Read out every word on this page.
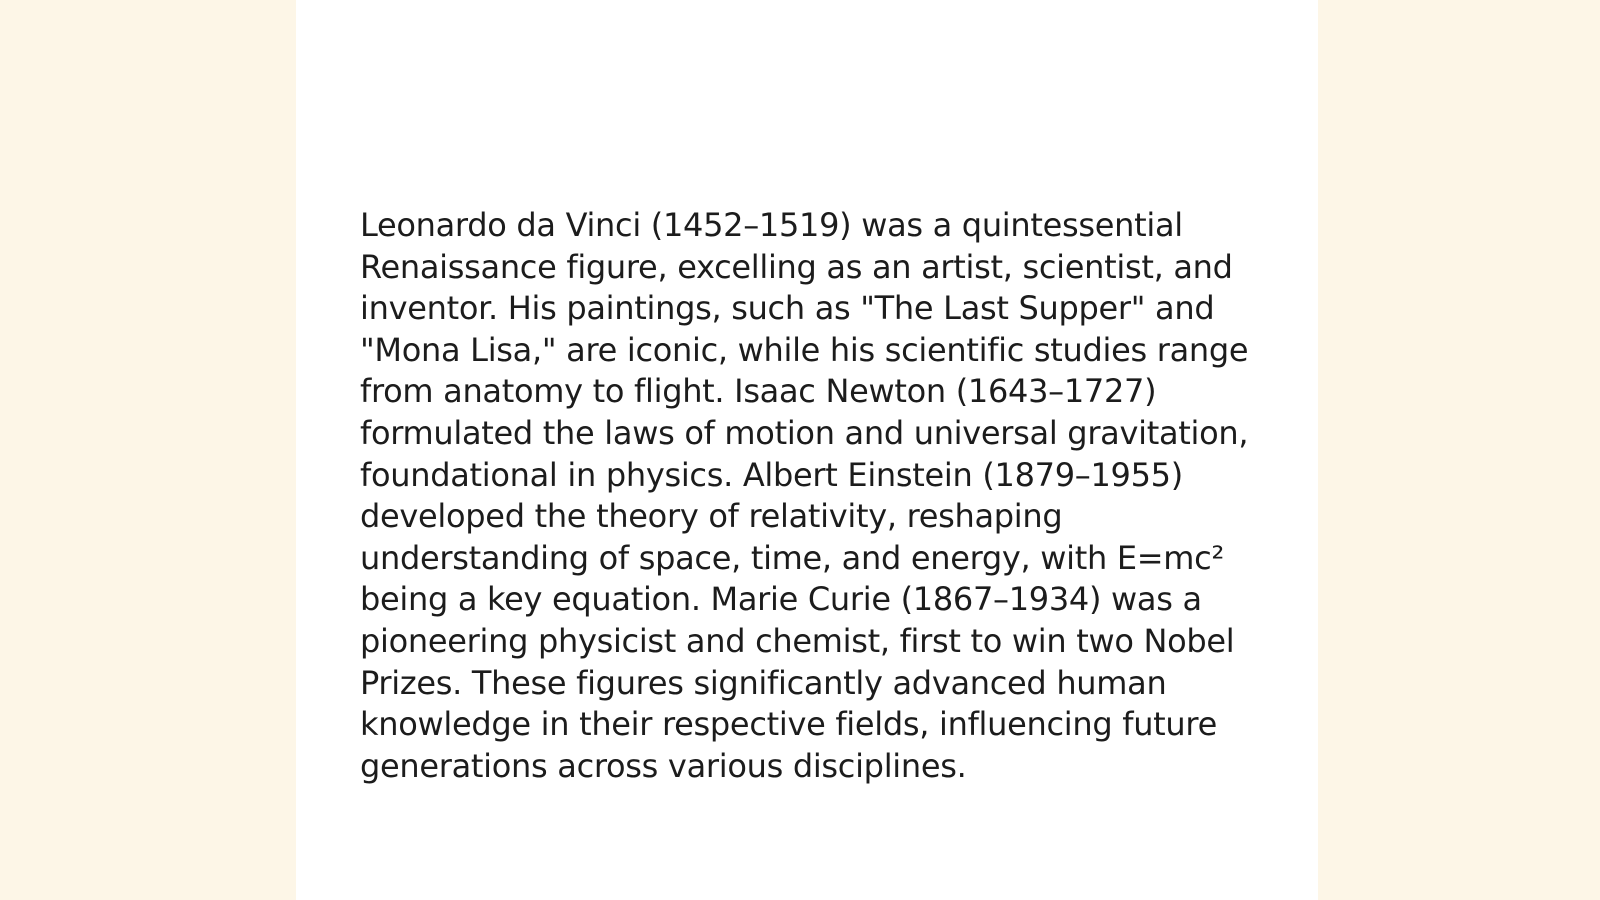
Leonardo da Vinci (1452–1519) was a quintessential Renaissance figure, excelling as an artist, scientist, and inventor. His paintings, such as "The Last Supper" and "Mona Lisa," are iconic, while his scientific studies range from anatomy to flight. Isaac Newton (1643–1727) formulated the laws of motion and universal gravitation, foundational in physics. Albert Einstein (1879–1955) developed the theory of relativity, reshaping understanding of space, time, and energy, with E=mc² being a key equation. Marie Curie (1867–1934) was a pioneering physicist and chemist, first to win two Nobel Prizes. These figures significantly advanced human knowledge in their respective fields, influencing future generations across various disciplines.
